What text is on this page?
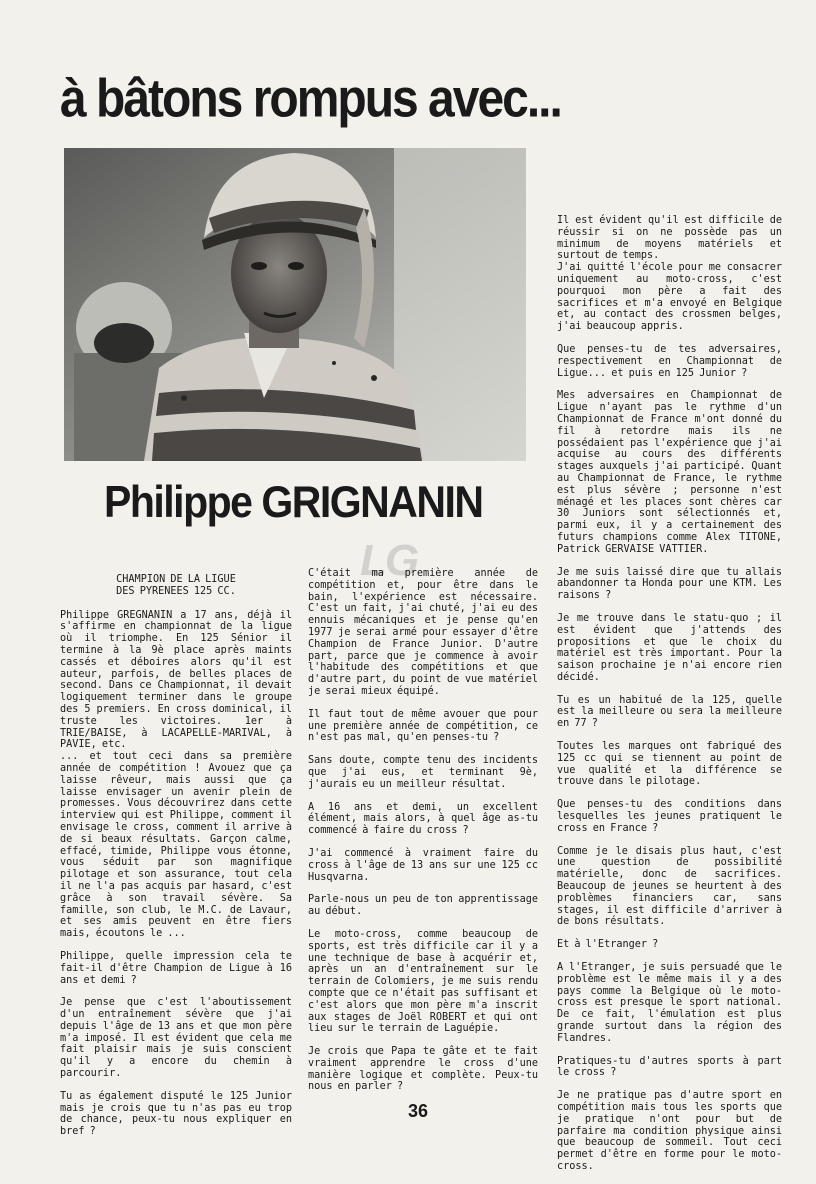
à bâtons rompus avec...
Philippe GRIGNANIN
LG

CHAMPION DE LA LIGUE
DES PYRENEES 125 CC.

Philippe GREGNANIN a 17 ans, déjà il s'affirme en championnat de la ligue où il triomphe. En 125 Sénior il termine à la 9è place après maints cassés et déboires alors qu'il est auteur, parfois, de belles places de second. Dans ce Championnat, il devait logiquement terminer dans le groupe des 5 premiers. En cross dominical, il truste les victoires. 1er à TRIE/BAISE, à LACAPELLE-MARIVAL, à PAVIE, etc.
... et tout ceci dans sa première année de compétition ! Avouez que ça laisse rêveur, mais aussi que ça laisse envisager un avenir plein de promesses. Vous découvrirez dans cette interview qui est Philippe, comment il envisage le cross, comment il arrive à de si beaux résultats. Garçon calme, effacé, timide, Philippe vous étonne, vous séduit par son magnifique pilotage et son assurance, tout cela il ne l'a pas acquis par hasard, c'est grâce à son travail sévère. Sa famille, son club, le M.C. de Lavaur, et ses amis peuvent en être fiers mais, écoutons le ...

Philippe, quelle impression cela te fait-il d'être Champion de Ligue à 16 ans et demi ?

Je pense que c'est l'aboutissement d'un entraînement sévère que j'ai depuis l'âge de 13 ans et que mon père m'a imposé. Il est évident que cela me fait plaisir mais je suis conscient qu'il y a encore du chemin à parcourir.

Tu as également disputé le 125 Junior mais je crois que tu n'as pas eu trop de chance, peux-tu nous expliquer en bref ?

C'était ma première année de compétition et, pour être dans le bain, l'expérience est nécessaire. C'est un fait, j'ai chuté, j'ai eu des ennuis mécaniques et je pense qu'en 1977 je serai armé pour essayer d'être Champion de France Junior. D'autre part, parce que je commence à avoir l'habitude des compétitions et que d'autre part, du point de vue matériel je serai mieux équipé.

Il faut tout de même avouer que pour une première année de compétition, ce n'est pas mal, qu'en penses-tu ?

Sans doute, compte tenu des incidents que j'ai eus, et terminant 9è, j'aurais eu un meilleur résultat.

A 16 ans et demi, un excellent élément, mais alors, à quel âge as-tu commencé à faire du cross ?

J'ai commencé à vraiment faire du cross à l'âge de 13 ans sur une 125 cc Husqvarna.

Parle-nous un peu de ton apprentissage au début.

Le moto-cross, comme beaucoup de sports, est très difficile car il y a une technique de base à acquérir et, après un an d'entraînement sur le terrain de Colomiers, je me suis rendu compte que ce n'était pas suffisant et c'est alors que mon père m'a inscrit aux stages de Joël ROBERT et qui ont lieu sur le terrain de Laguépie.

Je crois que Papa te gâte et te fait vraiment apprendre le cross d'une manière logique et complète. Peux-tu nous en parler ?

Il est évident qu'il est difficile de réussir si on ne possède pas un minimum de moyens matériels et surtout de temps.
J'ai quitté l'école pour me consacrer uniquement au moto-cross, c'est pourquoi mon père a fait des sacrifices et m'a envoyé en Belgique et, au contact des crossmen belges, j'ai beaucoup appris.

Que penses-tu de tes adversaires, respectivement en Championnat de Ligue... et puis en 125 Junior ?

Mes adversaires en Championnat de Ligue n'ayant pas le rythme d'un Championnat de France m'ont donné du fil à retordre mais ils ne possédaient pas l'expérience que j'ai acquise au cours des différents stages auxquels j'ai participé. Quant au Championnat de France, le rythme est plus sévère ; personne n'est ménagé et les places sont chères car 30 Juniors sont sélectionnés et, parmi eux, il y a certainement des futurs champions comme Alex TITONE, Patrick GERVAISE VATTIER.

Je me suis laissé dire que tu allais abandonner ta Honda pour une KTM. Les raisons ?

Je me trouve dans le statu-quo ; il est évident que j'attends des propositions et que le choix du matériel est très important. Pour la saison prochaine je n'ai encore rien décidé.

Tu es un habitué de la 125, quelle est la meilleure ou sera la meilleure en 77 ?

Toutes les marques ont fabriqué des 125 cc qui se tiennent au point de vue qualité et la différence se trouve dans le pilotage.

Que penses-tu des conditions dans lesquelles les jeunes pratiquent le cross en France ?

Comme je le disais plus haut, c'est une question de possibilité matérielle, donc de sacrifices. Beaucoup de jeunes se heurtent à des problèmes financiers car, sans stages, il est difficile d'arriver à de bons résultats.

Et à l'Etranger ?

A l'Etranger, je suis persuadé que le problème est le même mais il y a des pays comme la Belgique où le moto-cross est presque le sport national. De ce fait, l'émulation est plus grande surtout dans la région des Flandres.

Pratiques-tu d'autres sports à part le cross ?

Je ne pratique pas d'autre sport en compétition mais tous les sports que je pratique n'ont pour but de parfaire ma condition physique ainsi que beaucoup de sommeil. Tout ceci permet d'être en forme pour le moto-cross.

36
